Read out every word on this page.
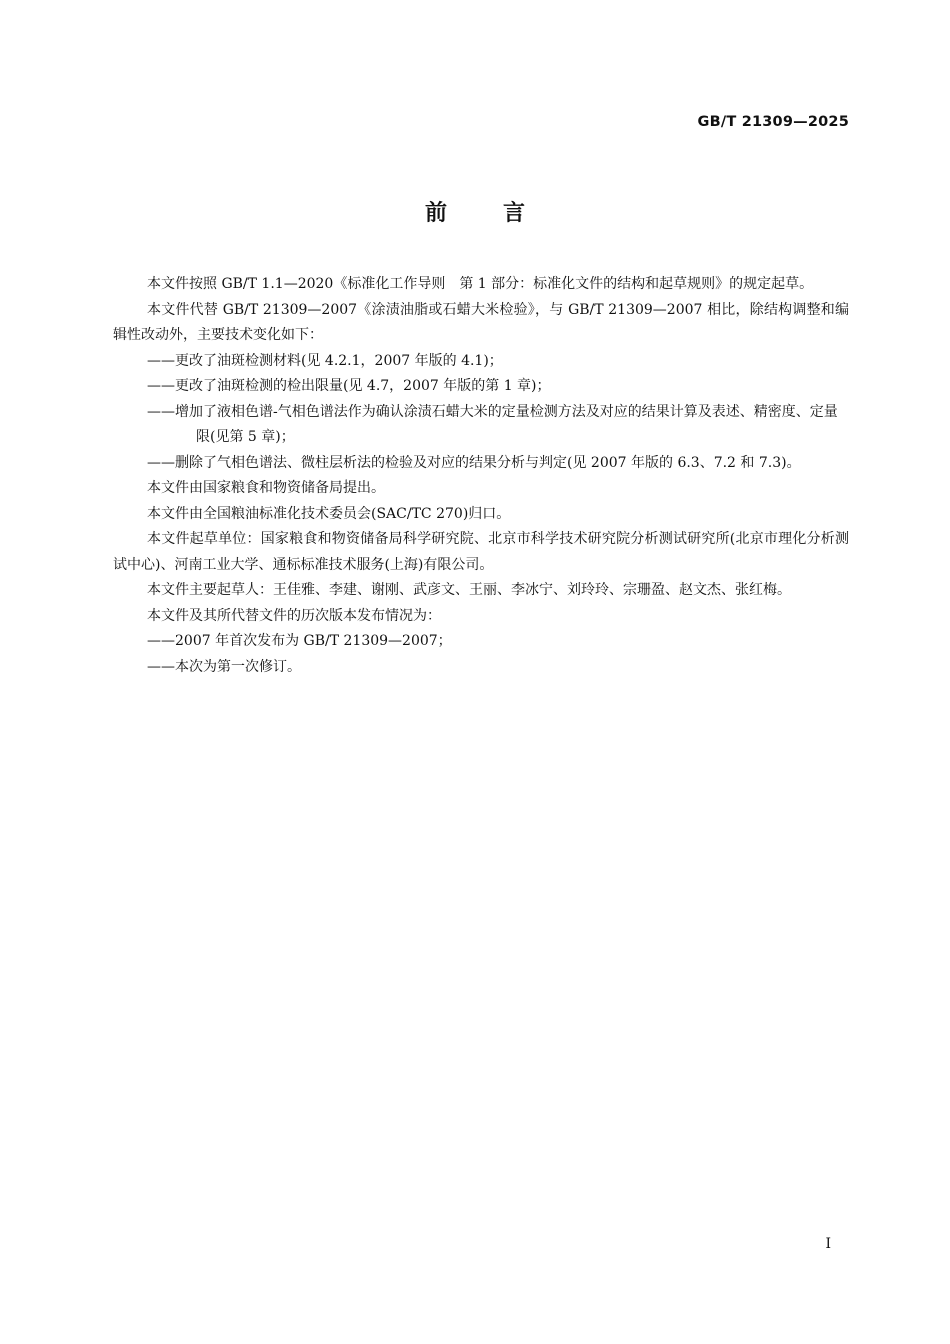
GB/T 21309—2025
前言

本文件按照 GB/T 1.1—2020《标准化工作导则　第 1 部分：标准化文件的结构和起草规则》的规定起草。

本文件代替 GB/T 21309—2007《涂渍油脂或石蜡大米检验》，与 GB/T 21309—2007 相比，除结构调整和编辑性改动外，主要技术变化如下：

——更改了油斑检测材料(见 4.2.1，2007 年版的 4.1)；

——更改了油斑检测的检出限量(见 4.7，2007 年版的第 1 章)；

——增加了液相色谱-气相色谱法作为确认涂渍石蜡大米的定量检测方法及对应的结果计算及表述、精密度、定量限(见第 5 章)；

——删除了气相色谱法、微柱层析法的检验及对应的结果分析与判定(见 2007 年版的 6.3、7.2 和 7.3)。

本文件由国家粮食和物资储备局提出。

本文件由全国粮油标准化技术委员会(SAC/TC 270)归口。

本文件起草单位：国家粮食和物资储备局科学研究院、北京市科学技术研究院分析测试研究所(北京市理化分析测试中心)、河南工业大学、通标标准技术服务(上海)有限公司。

本文件主要起草人：王佳雅、李建、谢刚、武彦文、王丽、李冰宁、刘玲玲、宗珊盈、赵文杰、张红梅。

本文件及其所代替文件的历次版本发布情况为：

——2007 年首次发布为 GB/T 21309—2007；

——本次为第一次修订。

I
